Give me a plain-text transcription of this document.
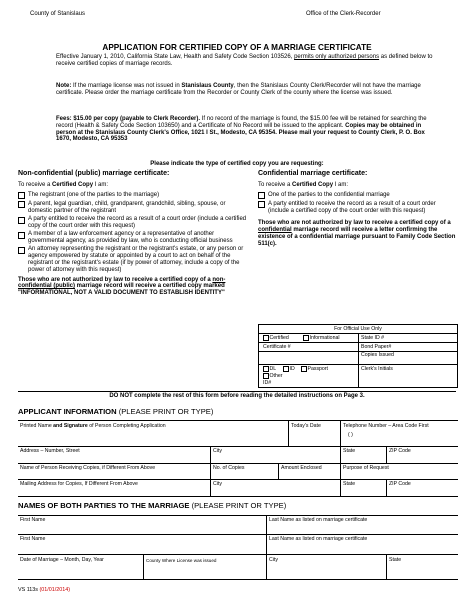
County of Stanislaus	Office of the Clerk-Recorder
APPLICATION FOR CERTIFIED COPY OF A MARRIAGE CERTIFICATE
Effective January 1, 2010, California State Law, Health and Safety Code Section 103526, permits only authorized persons as defined below to receive certified copies of marriage records.
Note: If the marriage license was not issued in Stanislaus County, then the Stanislaus County Clerk/Recorder will not have the marriage certificate. Please order the marriage certificate from the Recorder or County Clerk of the county where the license was issued.
Fees: $15.00 per copy (payable to Clerk Recorder). If no record of the marriage is found, the $15.00 fee will be retained for searching the record (Health & Safety Code Section 103650) and a Certificate of No Record will be issued to the applicant. Copies may be obtained in person at the Stanislaus County Clerk's Office, 1021 I St., Modesto, CA 95354. Please mail your request to County Clerk, P. O. Box 1670, Modesto, CA 95353
Please indicate the type of certified copy you are requesting:
Non-confidential (public) marriage certificate:
To receive a Certified Copy I am:
The registrant (one of the parties to the marriage)
A parent, legal guardian, child, grandparent, grandchild, sibling, spouse, or domestic partner of the registrant
A party entitled to receive the record as a result of a court order (include a certified copy of the court order with this request)
A member of a law enforcement agency or a representative of another governmental agency, as provided by law, who is conducting official business
An attorney representing the registrant or the registrant's estate, or any person or agency empowered by statute or appointed by a court to act on behalf of the registrant or the registrant's estate (if by power of attorney, include a copy of the power of attorney with this request)
Those who are not authorized by law to receive a certified copy of a non-confidential (public) marriage record will receive a certified copy marked "INFORMATIONAL, NOT A VALID DOCUMENT TO ESTABLISH IDENTITY"
Confidential marriage certificate:
To receive a Certified Copy I am:
One of the parties to the confidential marriage
A party entitled to receive the record as a result of a court order (include a certified copy of the court order with this request)
Those who are not authorized by law to receive a certified copy of a confidential marriage record will receive a letter confirming the existence of a confidential marriage pursuant to Family Code Section 511(c).
For Official Use Only
Certified	Informational	State ID #
Certificate #	Bond Paper#
Copies Issued
DL	ID	Passport
Other
Clerk's Initials
ID#
DO NOT complete the rest of this form before reading the detailed instructions on Page 3.
APPLICANT INFORMATION (PLEASE PRINT OR TYPE)
Printed Name and Signature of Person Completing Application	Today's Date	Telephone Number – Area Code First
( )
Address – Number, Street	City	State	ZIP Code
Name of Person Receiving Copies, if Different From Above	No. of Copies	Amount Enclosed	Purpose of Request
Mailing Address for Copies, If Different From Above	City	State	ZIP Code
NAMES OF BOTH PARTIES TO THE MARRIAGE (PLEASE PRINT OR TYPE)
First Name	Last Name as listed on marriage certificate
First Name	Last Name as listed on marriage certificate
Date of Marriage – Month, Day, Year	County Where License was issued	City	State
VS 113s (01/01/2014)
